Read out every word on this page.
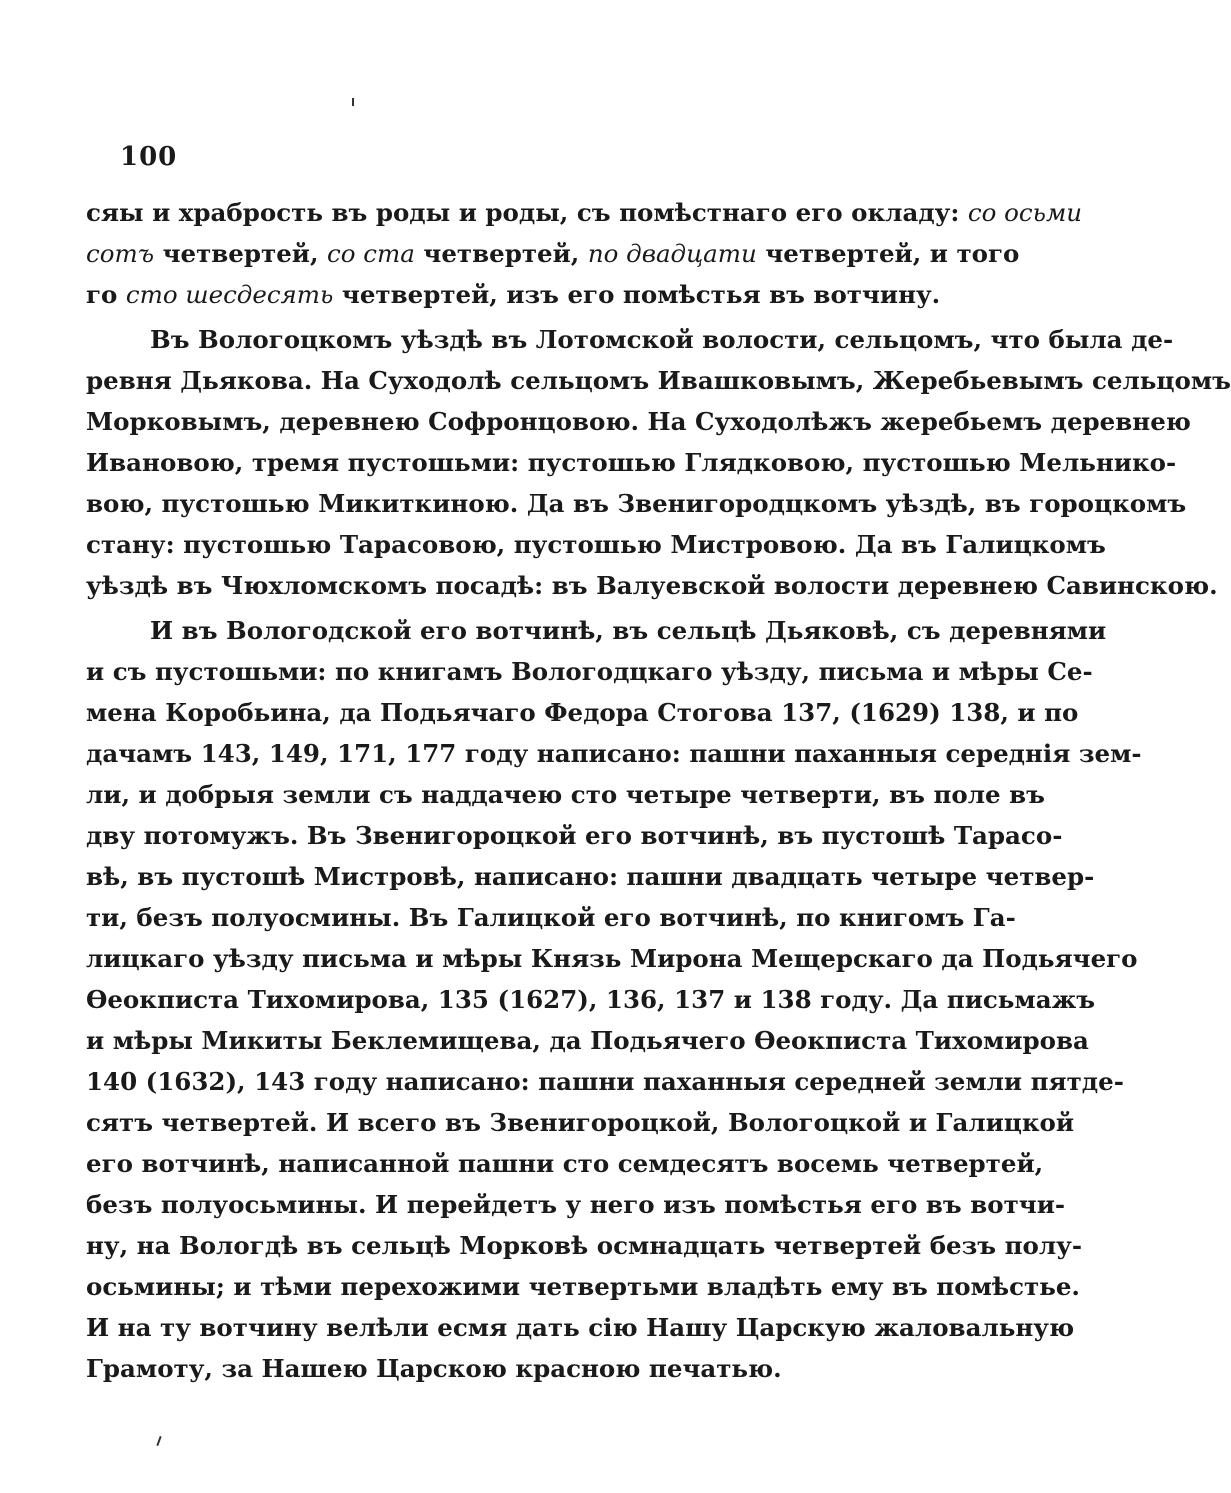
100
сяы и храбрость въ роды и роды, съ помѣстнаго его окладу: со осьми
сотъ четвертей, со ста четвертей, по двадцати четвертей, и того
го сто шесдесять четвертей, изъ его помѣстья въ вотчину.
Въ Вологоцкомъ уѣздѣ въ Лотомской волости, сельцомъ, что была де-
ревня Дьякова. На Суходолѣ сельцомъ Ивашковымъ, Жеребьевымъ сельцомъ
Морковымъ, деревнею Софронцовою. На Суходолѣжъ жеребьемъ деревнею
Ивановою, тремя пустошьми: пустошью Глядковою, пустошью Мельнико-
вою, пустошью Микиткиною. Да въ Звенигородцкомъ уѣздѣ, въ гороцкомъ
стану: пустошью Тарасовою, пустошью Мистровою. Да въ Галицкомъ
уѣздѣ въ Чюхломскомъ посадѣ: въ Валуевской волости деревнею Савинскою.
И въ Вологодской его вотчинѣ, въ сельцѣ Дьяковѣ, съ деревнями
и съ пустошьми: по книгамъ Вологодцкаго уѣзду, письма и мѣры Се-
мена Коробьина, да Подьячаго Федора Стогова 137, (1629) 138, и по
дачамъ 143, 149, 171, 177 году написано: пашни паханныя середнія зем-
ли, и добрыя земли съ наддачею сто четыре четверти, въ поле въ
дву потомужъ. Въ Звенигороцкой его вотчинѣ, въ пустошѣ Тарасо-
вѣ, въ пустошѣ Мистровѣ, написано: пашни двадцать четыре четвер-
ти, безъ полуосмины. Въ Галицкой его вотчинѣ, по книгомъ Га-
лицкаго уѣзду письма и мѣры Князь Мирона Мещерскаго да Подьячего
Ѳеокписта Тихомирова, 135 (1627), 136, 137 и 138 году. Да письмажъ
и мѣры Микиты Беклемищева, да Подьячего Ѳеокписта Тихомирова
140 (1632), 143 году написано: пашни паханныя середней земли пятде-
сятъ четвертей. И всего въ Звенигороцкой, Вологоцкой и Галицкой
его вотчинѣ, написанной пашни сто семдесятъ восемь четвертей,
безъ полуосьмины. И перейдетъ у него изъ помѣстья его въ вотчи-
ну, на Вологдѣ въ сельцѣ Морковѣ осмнадцать четвертей безъ полу-
осьмины; и тѣми перехожими четвертьми владѣть ему въ помѣстье.
И на ту вотчину велѣли есмя дать сію Нашу Царскую жаловальную
Грамоту, за Нашею Царскою красною печатью.
